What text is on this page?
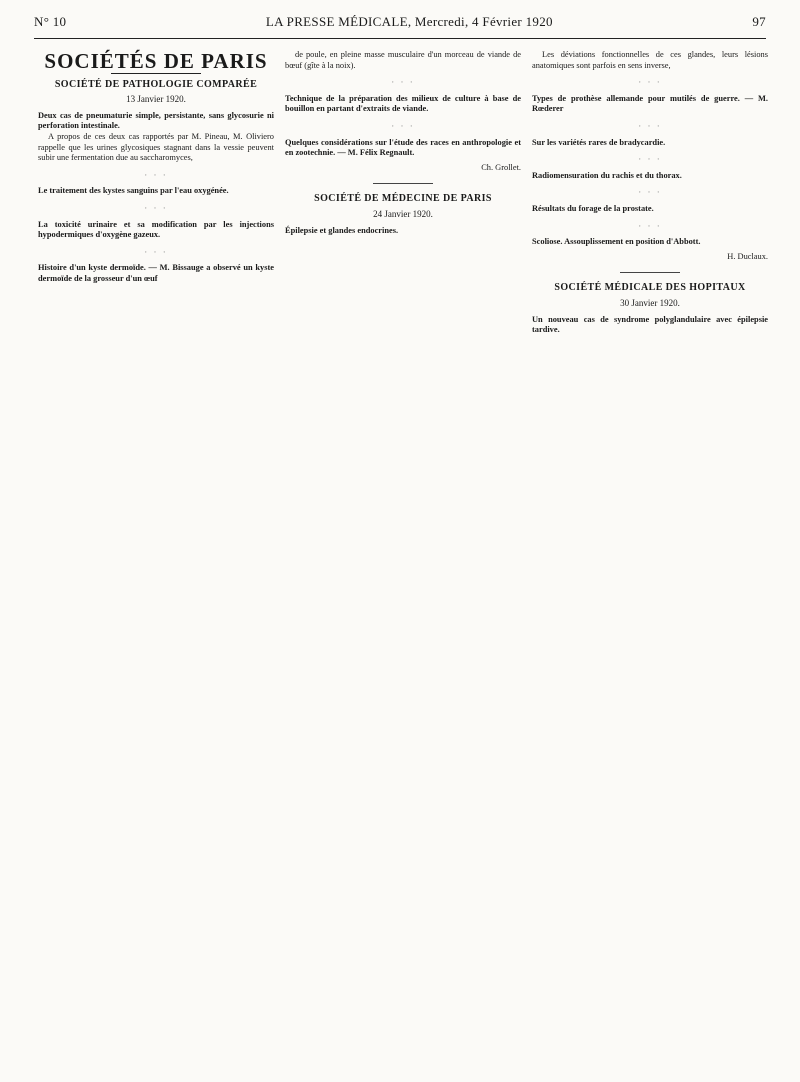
N° 10	LA PRESSE MÉDICALE, Mercredi, 4 Février 1920	97
SOCIÉTÉS DE PARIS
SOCIÉTÉ DE PATHOLOGIE COMPARÉE
13 Janvier 1920.
Deux cas de pneumaturie simple, persistante, sans glycosurie ni perforation intestinale.

A propos de ces deux cas rapportés par M. Pineau, M. Oliviero rappelle que les urines glycosiques stagnant dans la vessie peuvent subir une fermentation due au saccharomyces,

· · ·
Le traitement des kystes sanguins par l'eau oxygénée.
· · ·
La toxicité urinaire et sa modification par les injections hypodermiques d'oxygène gazeux.
· · ·
Histoire d'un kyste dermoïde. — M. Bissauge a observé un kyste dermoïde de la grosseur d'un œuf

de poule, en pleine masse musculaire d'un morceau de viande de bœuf (gîte à la noix).

· · ·
Technique de la préparation des milieux de culture à base de bouillon en partant d'extraits de viande.
· · ·
Quelques considérations sur l'étude des races en anthropologie et en zootechnie. — M. Félix Regnault.
Ch. Grollet.
SOCIÉTÉ DE MÉDECINE DE PARIS
24 Janvier 1920.
Épilepsie et glandes endocrines.

Les déviations fonctionnelles de ces glandes, leurs lésions anatomiques sont parfois en sens inverse,

· · ·
Types de prothèse allemande pour mutilés de guerre. — M. Rœderer
· · ·
Sur les variétés rares de bradycardie.
· · ·
Radiomensuration du rachis et du thorax.
· · ·
Résultats du forage de la prostate.
· · ·
Scoliose. Assouplissement en position d'Abbott.
H. Duclaux.
SOCIÉTÉ MÉDICALE DES HOPITAUX
30 Janvier 1920.
Un nouveau cas de syndrome polyglandulaire avec épilepsie tardive.
